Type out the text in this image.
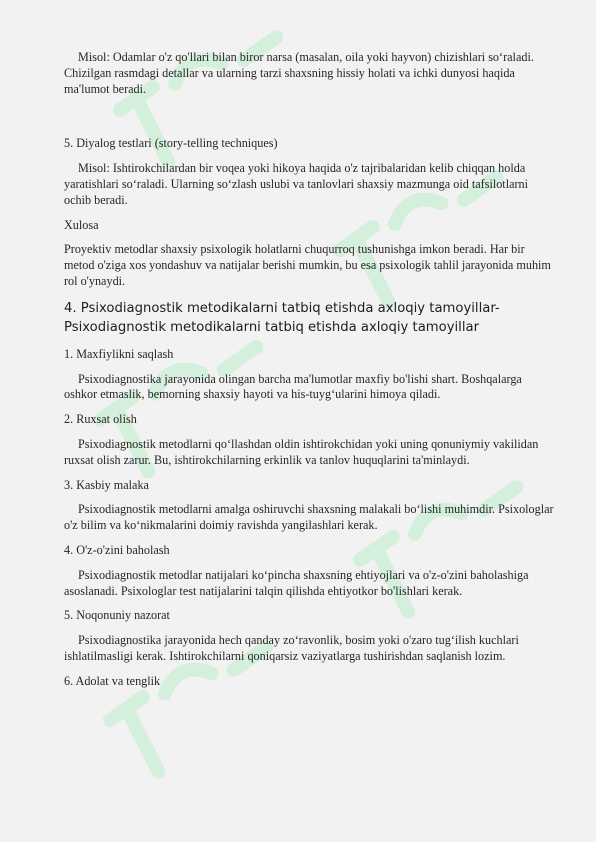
Misol: Odamlar o'z qo'llari bilan biror narsa (masalan, oila yoki hayvon) chizishlari so‘raladi. Chizilgan rasmdagi detallar va ularning tarzi shaxsning hissiy holati va ichki dunyosi haqida ma'lumot beradi.

5. Diyalog testlari (story-telling techniques)

Misol: Ishtirokchilardan bir voqea yoki hikoya haqida o'z tajribalaridan kelib chiqqan holda yaratishlari so‘raladi. Ularning so‘zlash uslubi va tanlovlari shaxsiy mazmunga oid tafsilotlarni ochib beradi.

Xulosa

Proyektiv metodlar shaxsiy psixologik holatlarni chuqurroq tushunishga imkon beradi. Har bir metod o'ziga xos yondashuv va natijalar berishi mumkin, bu esa psixologik tahlil jarayonida muhim rol o'ynaydi.

4. Psixodiagnostik metodikalarni tatbiq etishda axloqiy tamoyillar-Psixodiagnostik metodikalarni tatbiq etishda axloqiy tamoyillar

1. Maxfiylikni saqlash

Psixodiagnostika jarayonida olingan barcha ma'lumotlar maxfiy bo'lishi shart. Boshqalarga oshkor etmaslik, bemorning shaxsiy hayoti va his-tuyg‘ularini himoya qiladi.

2. Ruxsat olish

Psixodiagnostik metodlarni qo‘llashdan oldin ishtirokchidan yoki uning qonuniymiy vakilidan ruxsat olish zarur. Bu, ishtirokchilarning erkinlik va tanlov huquqlarini ta'minlaydi.

3. Kasbiy malaka

Psixodiagnostik metodlarni amalga oshiruvchi shaxsning malakali bo‘lishi muhimdir. Psixologlar o'z bilim va ko‘nikmalarini doimiy ravishda yangilashlari kerak.

4. O'z-o'zini baholash

Psixodiagnostik metodlar natijalari ko‘pincha shaxsning ehtiyojlari va o'z-o'zini baholashiga asoslanadi. Psixologlar test natijalarini talqin qilishda ehtiyotkor bo'lishlari kerak.

5. Noqonuniy nazorat

Psixodiagnostika jarayonida hech qanday zo‘ravonlik, bosim yoki o'zaro tug‘ilish kuchlari ishlatilmasligi kerak. Ishtirokchilarni qoniqarsiz vaziyatlarga tushirishdan saqlanish lozim.

6. Adolat va tenglik
